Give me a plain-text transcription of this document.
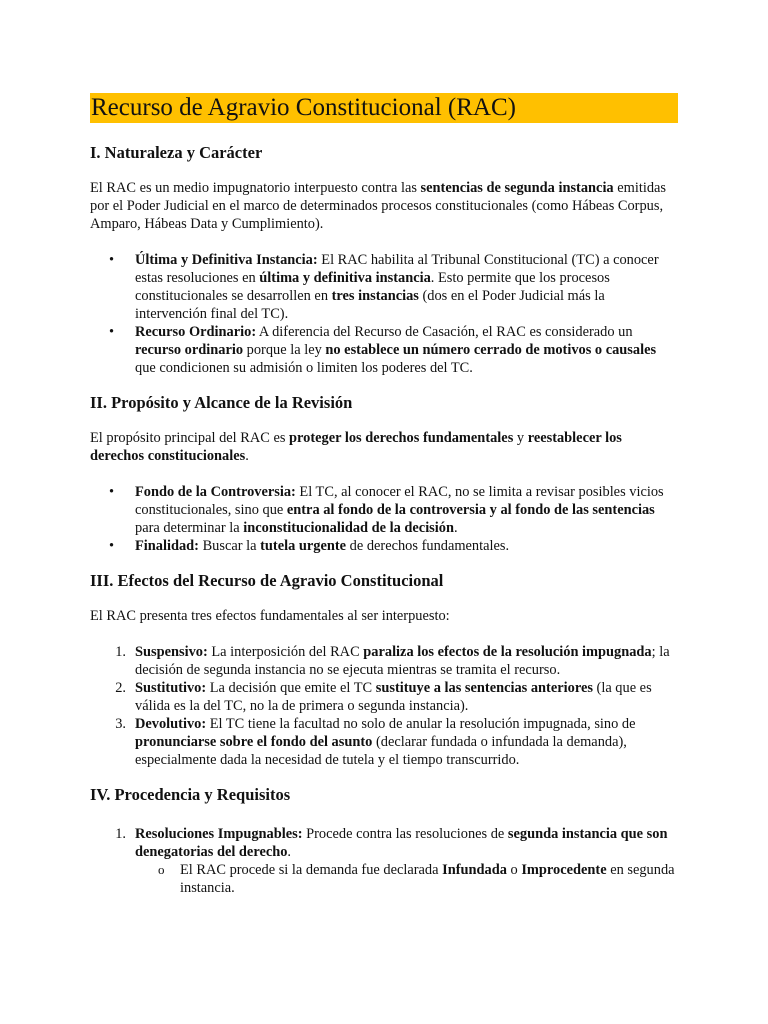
Recurso de Agravio Constitucional (RAC)
I. Naturaleza y Carácter

El RAC es un medio impugnatorio interpuesto contra las sentencias de segunda instancia emitidas por el Poder Judicial en el marco de determinados procesos constitucionales (como Hábeas Corpus, Amparo, Hábeas Data y Cumplimiento).

•	Última y Definitiva Instancia: El RAC habilita al Tribunal Constitucional (TC) a conocer estas resoluciones en última y definitiva instancia. Esto permite que los procesos constitucionales se desarrollen en tres instancias (dos en el Poder Judicial más la intervención final del TC).
•	Recurso Ordinario: A diferencia del Recurso de Casación, el RAC es considerado un recurso ordinario porque la ley no establece un número cerrado de motivos o causales que condicionen su admisión o limiten los poderes del TC.
II. Propósito y Alcance de la Revisión

El propósito principal del RAC es proteger los derechos fundamentales y reestablecer los derechos constitucionales.

•	Fondo de la Controversia: El TC, al conocer el RAC, no se limita a revisar posibles vicios constitucionales, sino que entra al fondo de la controversia y al fondo de las sentencias para determinar la inconstitucionalidad de la decisión.
•	Finalidad: Buscar la tutela urgente de derechos fundamentales.
III. Efectos del Recurso de Agravio Constitucional

El RAC presenta tres efectos fundamentales al ser interpuesto:

1. Suspensivo: La interposición del RAC paraliza los efectos de la resolución impugnada; la decisión de segunda instancia no se ejecuta mientras se tramita el recurso.
2. Sustitutivo: La decisión que emite el TC sustituye a las sentencias anteriores (la que es válida es la del TC, no la de primera o segunda instancia).
3. Devolutivo: El TC tiene la facultad no solo de anular la resolución impugnada, sino de pronunciarse sobre el fondo del asunto (declarar fundada o infundada la demanda), especialmente dada la necesidad de tutela y el tiempo transcurrido.
IV. Procedencia y Requisitos
1. Resoluciones Impugnables: Procede contra las resoluciones de segunda instancia que son denegatorias del derecho.
o	El RAC procede si la demanda fue declarada Infundada o Improcedente en segunda instancia.
